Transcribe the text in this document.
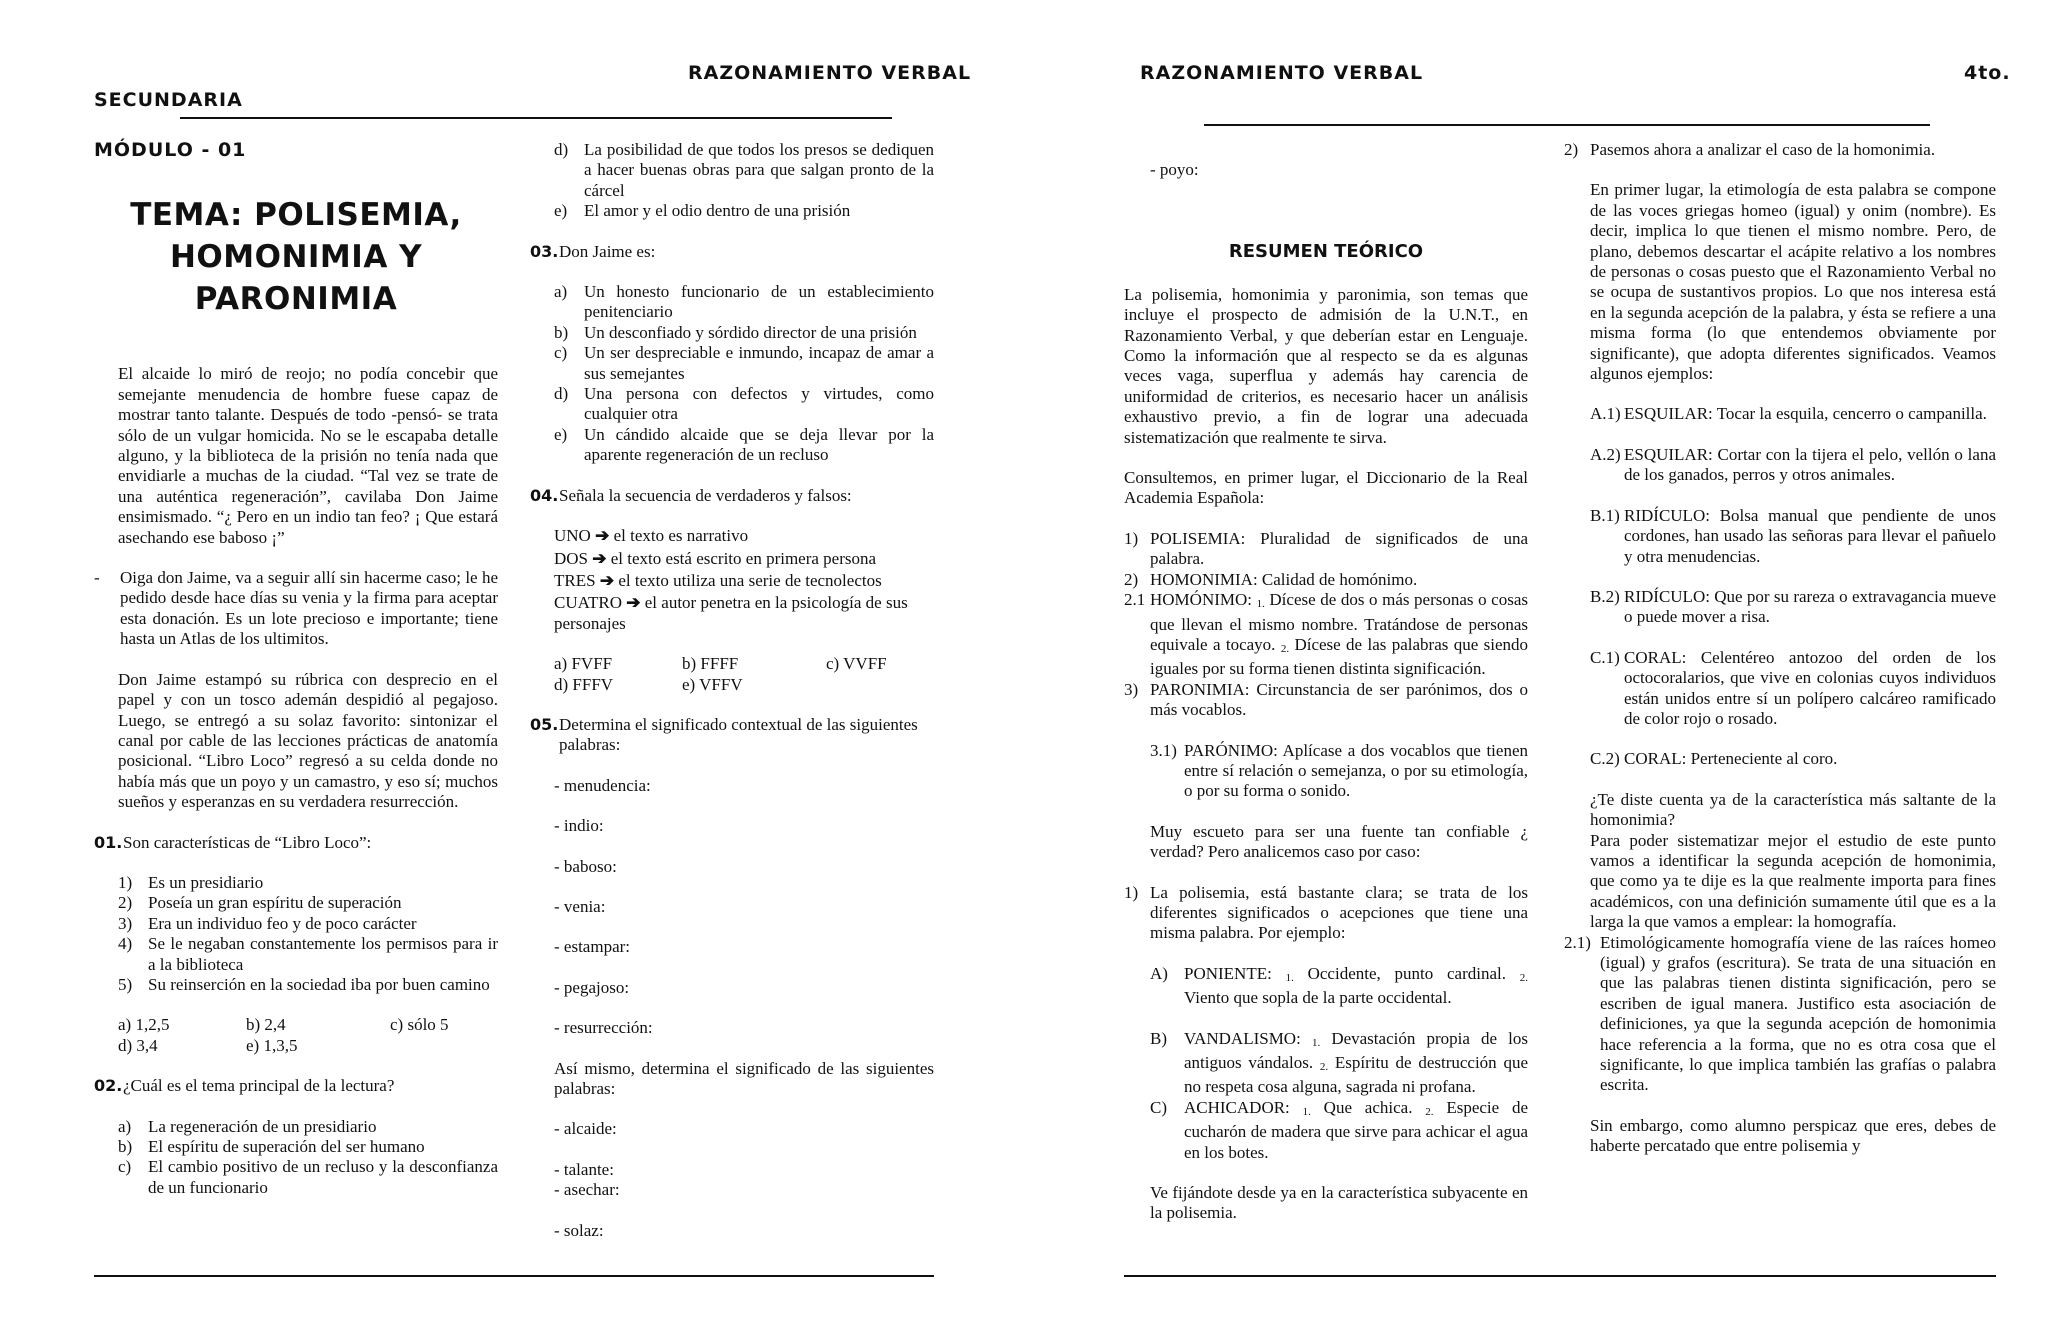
RAZONAMIENTO VERBAL
SECUNDARIA
MÓDULO - 01
TEMA: POLISEMIA,
HOMONIMIA Y PARONIMIA

El alcaide lo miró de reojo; no podía concebir que semejante menudencia de hombre fuese capaz de mostrar tanto talante. Después de todo -pensó- se trata sólo de un vulgar homicida. No se le escapaba detalle alguno, y la biblioteca de la prisión no tenía nada que envidiarle a muchas de la ciudad. “Tal vez se trate de una auténtica regeneración”, cavilaba Don Jaime ensimismado. “¿ Pero en un indio tan feo? ¡ Que estará asechando ese baboso ¡”

-	Oiga don Jaime, va a seguir allí sin hacerme caso; le he pedido desde hace días su venia y la firma para aceptar esta donación. Es un lote precioso e importante; tiene hasta un Atlas de los ultimitos.

Don Jaime estampó su rúbrica con desprecio en el papel y con un tosco ademán despidió al pegajoso. Luego, se entregó a su solaz favorito: sintonizar el canal por cable de las lecciones prácticas de anatomía posicional. “Libro Loco” regresó a su celda donde no había más que un poyo y un camastro, y eso sí; muchos sueños y esperanzas en su verdadera resurrección.

01. Son características de “Libro Loco”:
1) Es un presidiario
2) Poseía un gran espíritu de superación
3) Era un individuo feo y de poco carácter
4) Se le negaban constantemente los permisos para ir a la biblioteca
5) Su reinserción en la sociedad iba por buen camino
a) 1,2,5	b) 2,4	c) sólo 5
d) 3,4	e) 1,3,5
02. ¿Cuál es el tema principal de la lectura?
a) La regeneración de un presidiario
b) El espíritu de superación del ser humano
c) El cambio positivo de un recluso y la desconfianza de un funcionario
d) La posibilidad de que todos los presos se dediquen a hacer buenas obras para que salgan pronto de la cárcel
e) El amor y el odio dentro de una prisión
03. Don Jaime es:
a) Un honesto funcionario de un establecimiento penitenciario
b) Un desconfiado y sórdido director de una prisión
c) Un ser despreciable e inmundo, incapaz de amar a sus semejantes
d) Una persona con defectos y virtudes, como cualquier otra
e) Un cándido alcaide que se deja llevar por la aparente regeneración de un recluso
04. Señala la secuencia de verdaderos y falsos:
UNO ➔ el texto es narrativo
DOS ➔ el texto está escrito en primera persona
TRES ➔ el texto utiliza una serie de tecnolectos
CUATRO ➔ el autor penetra en la psicología de sus personajes
a) FVFF	b) FFFF	c) VVFF
d) FFFV	e) VFFV
05. Determina el significado contextual de las siguientes palabras:
- menudencia:
- indio:
- baboso:
- venia:
- estampar:
- pegajoso:
- resurrección:

Así mismo, determina el significado de las siguientes palabras:

- alcaide:
- talante:
- asechar:
- solaz:
RAZONAMIENTO VERBAL	4to.
- poyo:
RESUMEN TEÓRICO

La polisemia, homonimia y paronimia, son temas que incluye el prospecto de admisión de la U.N.T., en Razonamiento Verbal, y que deberían estar en Lenguaje. Como la información que al respecto se da es algunas veces vaga, superflua y además hay carencia de uniformidad de criterios, es necesario hacer un análisis exhaustivo previo, a fin de lograr una adecuada sistematización que realmente te sirva.

Consultemos, en primer lugar, el Diccionario de la Real Academia Española:

1) POLISEMIA: Pluralidad de significados de una palabra.
2) HOMONIMIA: Calidad de homónimo.
2.1 HOMÓNIMO: 1. Dícese de dos o más personas o cosas que llevan el mismo nombre. Tratándose de personas equivale a tocayo. 2. Dícese de las palabras que siendo iguales por su forma tienen distinta significación.
3) PARONIMIA: Circunstancia de ser parónimos, dos o más vocablos.
3.1) PARÓNIMO: Aplícase a dos vocablos que tienen entre sí relación o semejanza, o por su etimología, o por su forma o sonido.

Muy escueto para ser una fuente tan confiable ¿ verdad? Pero analicemos caso por caso:

1) La polisemia, está bastante clara; se trata de los diferentes significados o acepciones que tiene una misma palabra. Por ejemplo:
A) PONIENTE: 1. Occidente, punto cardinal. 2. Viento que sopla de la parte occidental.
B)	VANDALISMO: 1. Devastación propia de los antiguos vándalos. 2. Espíritu de destrucción que no respeta cosa alguna, sagrada ni profana.
C)	ACHICADOR: 1. Que achica. 2. Especie de cucharón de madera que sirve para achicar el agua en los botes.

Ve fijándote desde ya en la característica subyacente en la polisemia.

2) Pasemos ahora a analizar el caso de la homonimia.

En primer lugar, la etimología de esta palabra se compone de las voces griegas homeo (igual) y onim (nombre). Es decir, implica lo que tienen el mismo nombre. Pero, de plano, debemos descartar el acápite relativo a los nombres de personas o cosas puesto que el Razonamiento Verbal no se ocupa de sustantivos propios. Lo que nos interesa está en la segunda acepción de la palabra, y ésta se refiere a una misma forma (lo que entendemos obviamente por significante), que adopta diferentes significados. Veamos algunos ejemplos:

A.1) ESQUILAR: Tocar la esquila, cencerro o campanilla.
A.2) ESQUILAR: Cortar con la tijera el pelo, vellón o lana de los ganados, perros y otros animales.
B.1) RIDÍCULO: Bolsa manual que pendiente de unos cordones, han usado las señoras para llevar el pañuelo y otra menudencias.
B.2) RIDÍCULO: Que por su rareza o extravagancia mueve o puede mover a risa.
C.1) CORAL: Celentéreo antozoo del orden de los octocoralarios, que vive en colonias cuyos individuos están unidos entre sí un polípero calcáreo ramificado de color rojo o rosado.
C.2) CORAL: Perteneciente al coro.
¿Te diste cuenta ya de la característica más saltante de la homonimia?
Para poder sistematizar mejor el estudio de este punto vamos a identificar la segunda acepción de homonimia, que como ya te dije es la que realmente importa para fines académicos, con una definición sumamente útil que es a la larga la que vamos a emplear: la homografía.
2.1) Etimológicamente homografía viene de las raíces homeo (igual) y grafos (escritura). Se trata de una situación en que las palabras tienen distinta significación, pero se escriben de igual manera. Justifico esta asociación de definiciones, ya que la segunda acepción de homonimia hace referencia a la forma, que no es otra cosa que el significante, lo que implica también las grafías o palabra escrita.

Sin embargo, como alumno perspicaz que eres, debes de haberte percatado que entre polisemia y
